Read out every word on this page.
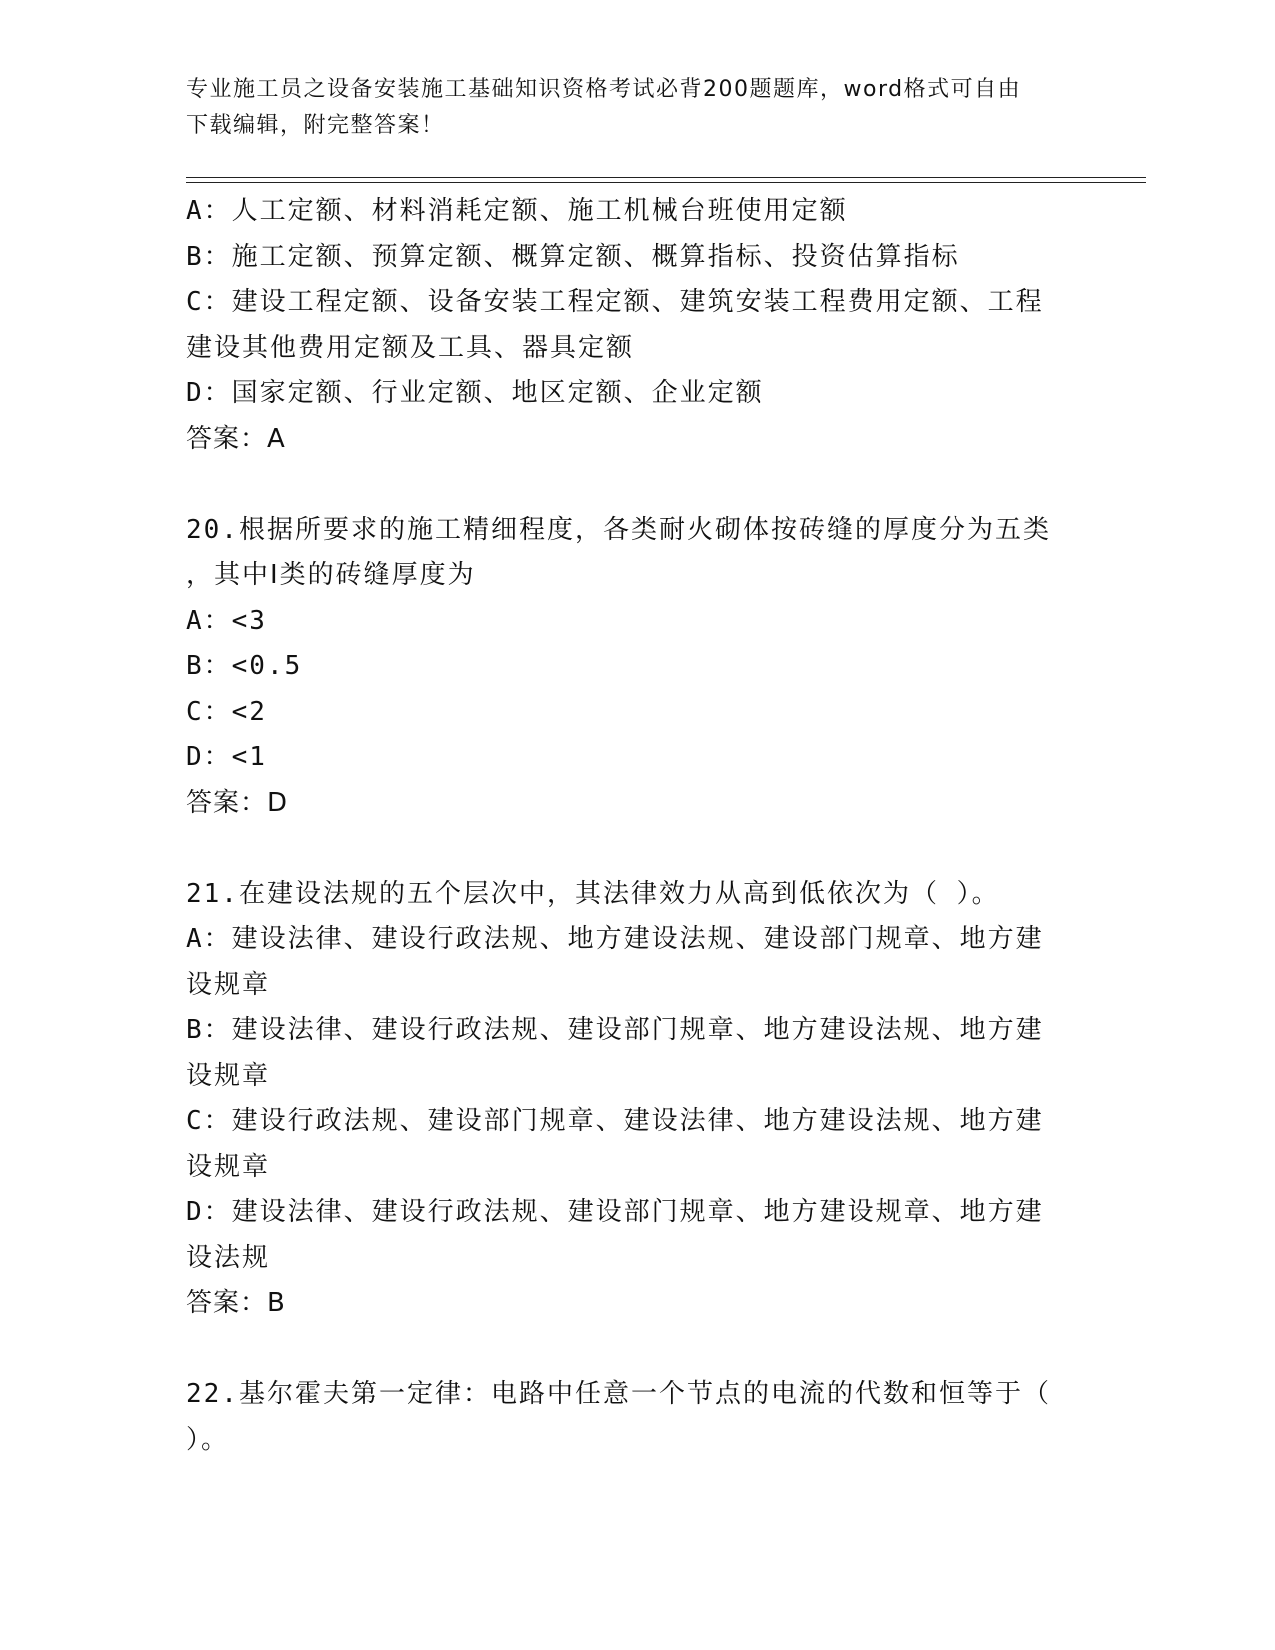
专业施工员之设备安装施工基础知识资格考试必背200题题库，word格式可自由
下载编辑，附完整答案！
A：人工定额、材料消耗定额、施工机械台班使用定额
B：施工定额、预算定额、概算定额、概算指标、投资估算指标
C：建设工程定额、设备安装工程定额、建筑安装工程费用定额、工程
建设其他费用定额及工具、器具定额
D：国家定额、行业定额、地区定额、企业定额
答案：A
20.根据所要求的施工精细程度，各类耐火砌体按砖缝的厚度分为五类
，其中Ⅰ类的砖缝厚度为
A：<3
B：<0.5
C：<2
D：<1
答案：D
21.在建设法规的五个层次中，其法律效力从高到低依次为（ ）。
A：建设法律、建设行政法规、地方建设法规、建设部门规章、地方建
设规章
B：建设法律、建设行政法规、建设部门规章、地方建设法规、地方建
设规章
C：建设行政法规、建设部门规章、建设法律、地方建设法规、地方建
设规章
D：建设法律、建设行政法规、建设部门规章、地方建设规章、地方建
设法规
答案：B
22.基尔霍夫第一定律：电路中任意一个节点的电流的代数和恒等于（
）。
